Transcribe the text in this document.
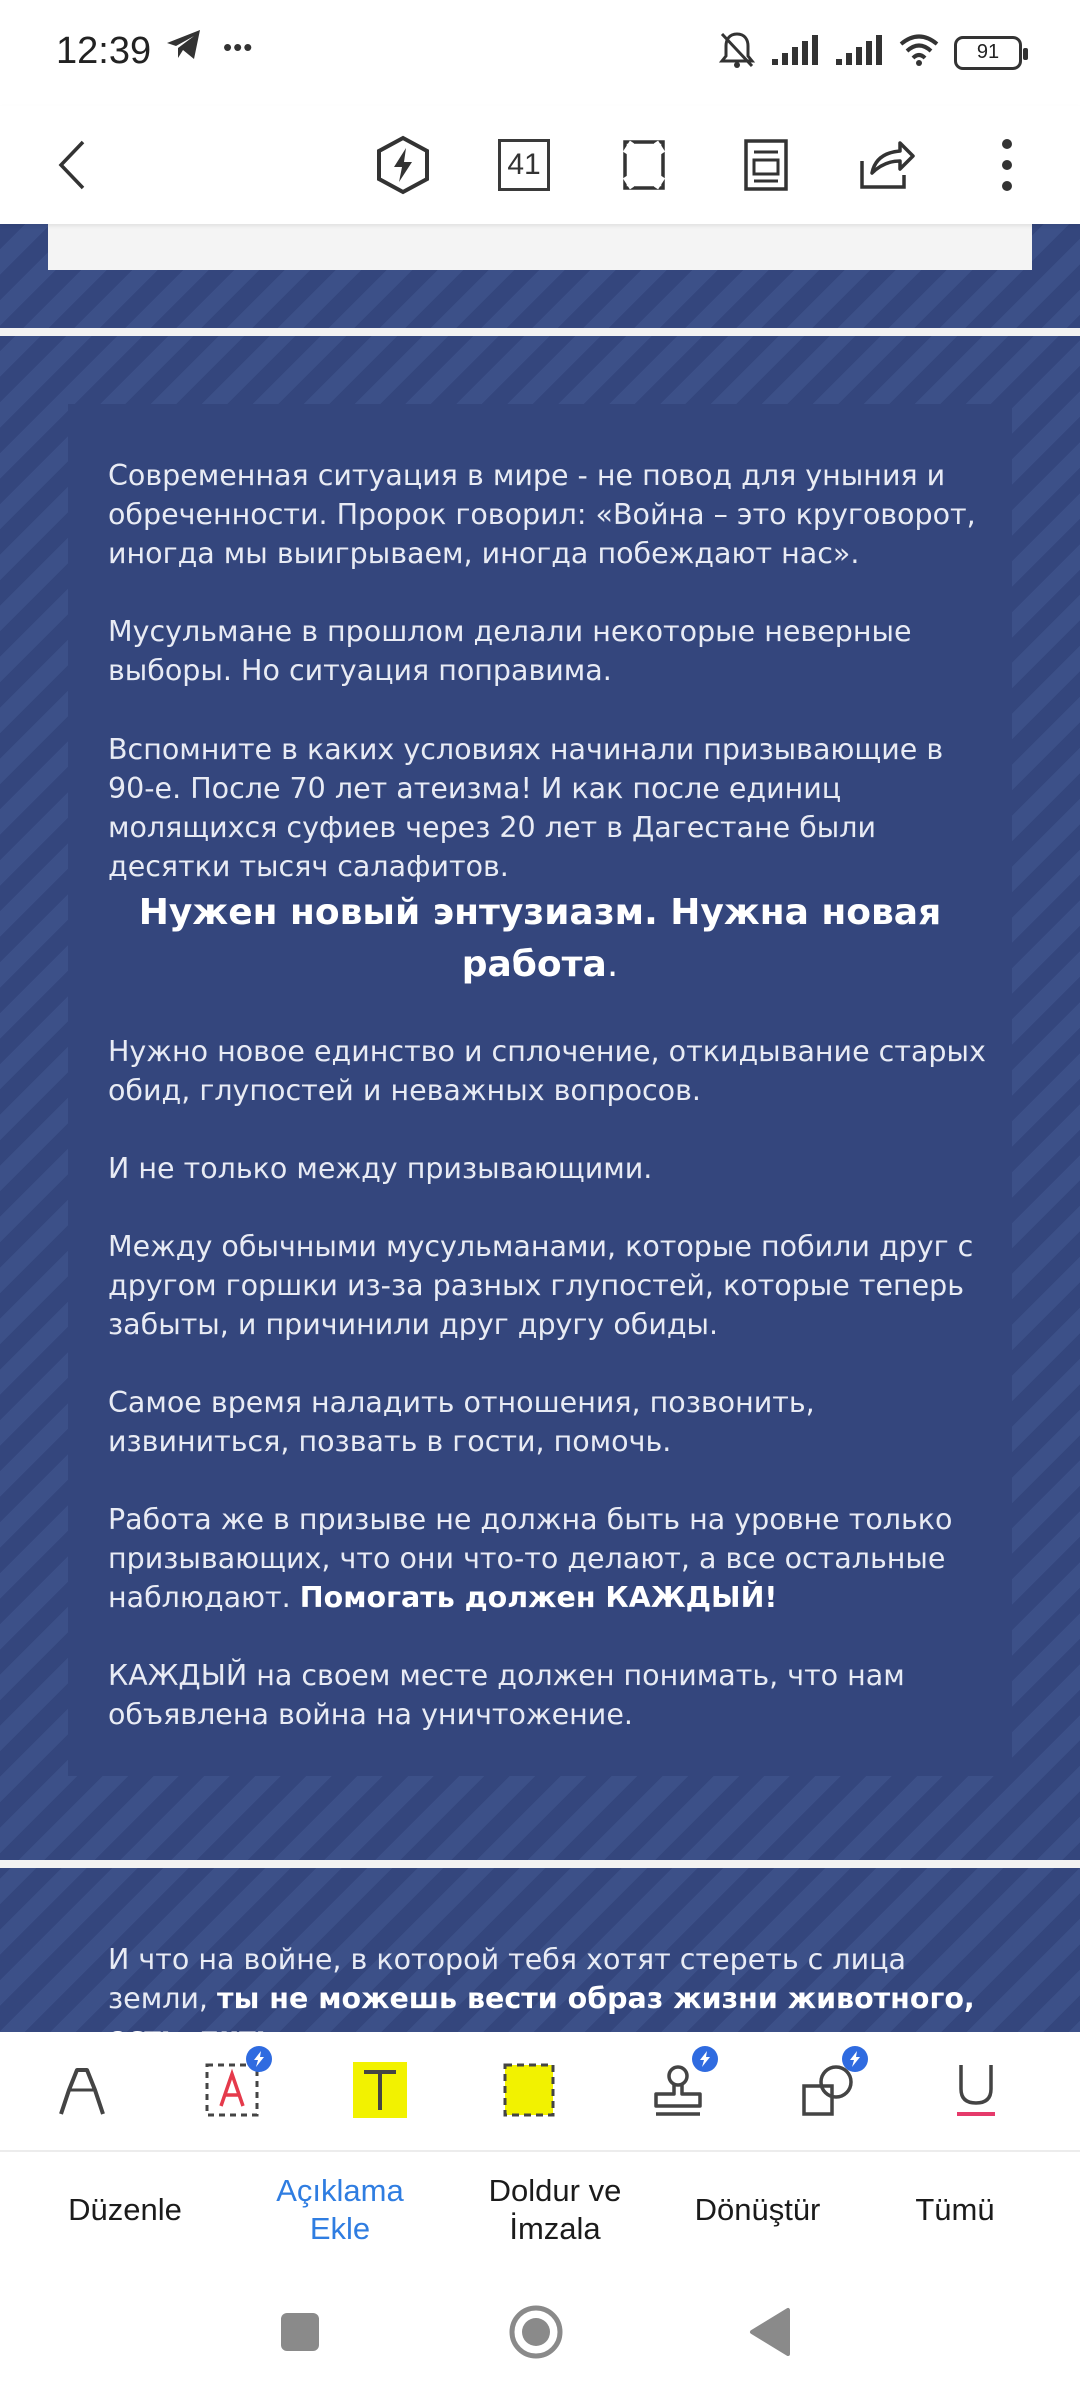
12:39	•••	91
41
Современная ситуация в мире - не повод для уныния и обреченности. Пророк говорил: «Война – это круговорот, иногда мы выигрываем, иногда побеждают нас».
Мусульмане в прошлом делали некоторые неверные выборы. Но ситуация поправима.
Вспомните в каких условиях начинали призывающие в 90-е. После 70 лет атеизма! И как после единиц молящихся суфиев через 20 лет в Дагестане были десятки тысяч салафитов.
Нужен новый энтузиазм. Нужна новая работа.
Нужно новое единство и сплочение, откидывание старых обид, глупостей и неважных вопросов.
И не только между призывающими.
Между обычными мусульманами, которые побили друг с другом горшки из-за разных глупостей, которые теперь забыты, и причинили друг другу обиды.
Самое время наладить отношения, позвонить, извиниться, позвать в гости, помочь.
Работа же в призыве не должна быть на уровне только призывающих, что они что-то делают, а все остальные наблюдают. Помогать должен КАЖДЫЙ!
КАЖДЫЙ на своем месте должен понимать, что нам объявлена война на уничтожение.
И что на войне, в которой тебя хотят стереть с лица земли, ты не можешь вести образ жизни животного,
Düzenle
Açıklama Ekle
Doldur ve İmzala
Dönüştür	Tümü
